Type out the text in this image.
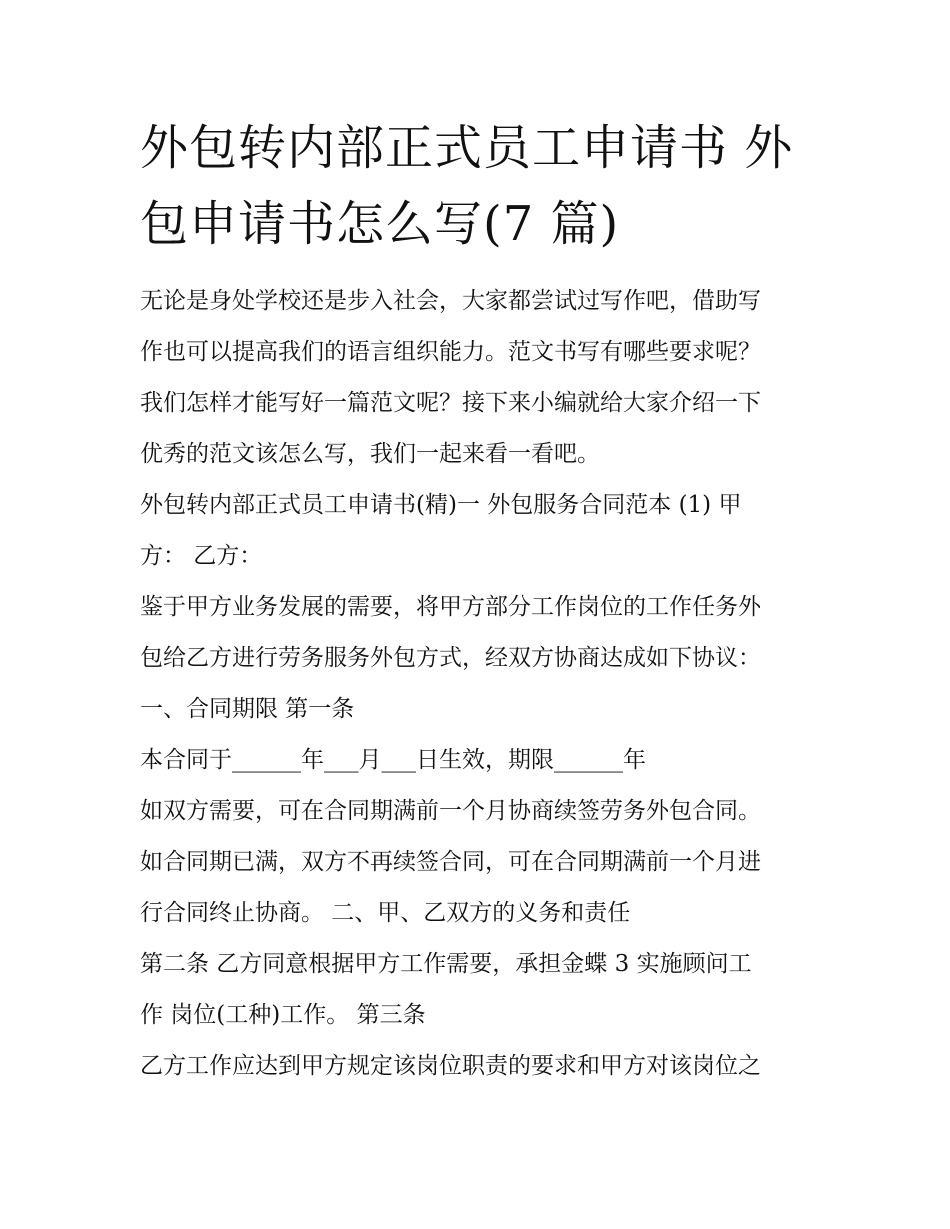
外包转内部正式员工申请书 外
包申请书怎么写(7 篇)
无论是身处学校还是步入社会，大家都尝试过写作吧，借助写
作也可以提高我们的语言组织能力。范文书写有哪些要求呢？
我们怎样才能写好一篇范文呢？接下来小编就给大家介绍一下
优秀的范文该怎么写，我们一起来看一看吧。
外包转内部正式员工申请书(精)一 外包服务合同范本 (1) 甲
方： 乙方：
鉴于甲方业务发展的需要，将甲方部分工作岗位的工作任务外
包给乙方进行劳务服务外包方式，经双方协商达成如下协议：
一、合同期限 第一条
本合同于______年___月___日生效，期限______年
如双方需要，可在合同期满前一个月协商续签劳务外包合同。
如合同期已满，双方不再续签合同，可在合同期满前一个月进
行合同终止协商。 二、甲、乙双方的义务和责任
第二条 乙方同意根据甲方工作需要，承担金蝶 3 实施顾问工
作 岗位(工种)工作。 第三条
乙方工作应达到甲方规定该岗位职责的要求和甲方对该岗位之
